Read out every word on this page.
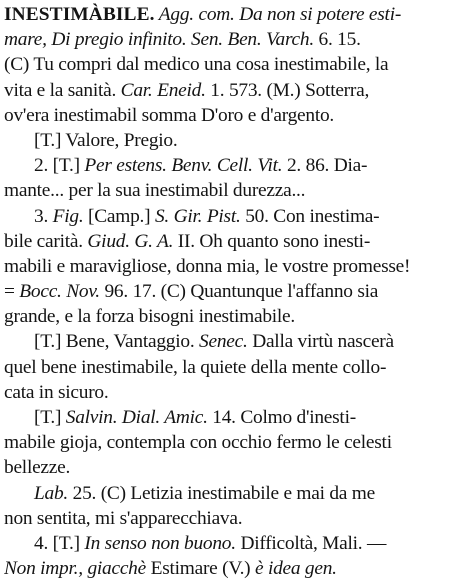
INESTIMÀBILE. Agg. com. Da non si potere esti-
mare, Di pregio infinito. Sen. Ben. Varch. 6. 15.
(C) Tu compri dal medico una cosa inestimabile, la
vita e la sanità. Car. Eneid. 1. 573. (M.) Sotterra,
ov'era inestimabil somma D'oro e d'argento.
[T.] Valore, Pregio.
2. [T.] Per estens. Benv. Cell. Vit. 2. 86. Dia-
mante... per la sua inestimabil durezza...
3. Fig. [Camp.] S. Gir. Pist. 50. Con inestima-
bile carità. Giud. G. A. II. Oh quanto sono inesti-
mabili e maravigliose, donna mia, le vostre promesse!
= Bocc. Nov. 96. 17. (C) Quantunque l'affanno sia
grande, e la forza bisogni inestimabile.
[T.] Bene, Vantaggio. Senec. Dalla virtù nascerà
quel bene inestimabile, la quiete della mente collo-
cata in sicuro.
[T.] Salvin. Dial. Amic. 14. Colmo d'inesti-
mabile gioja, contempla con occhio fermo le celesti
bellezze.
Lab. 25. (C) Letizia inestimabile e mai da me
non sentita, mi s'apparecchiava.
4. [T.] In senso non buono. Difficoltà, Mali. —
Non impr., giacchè Estimare (V.) è idea gen.
